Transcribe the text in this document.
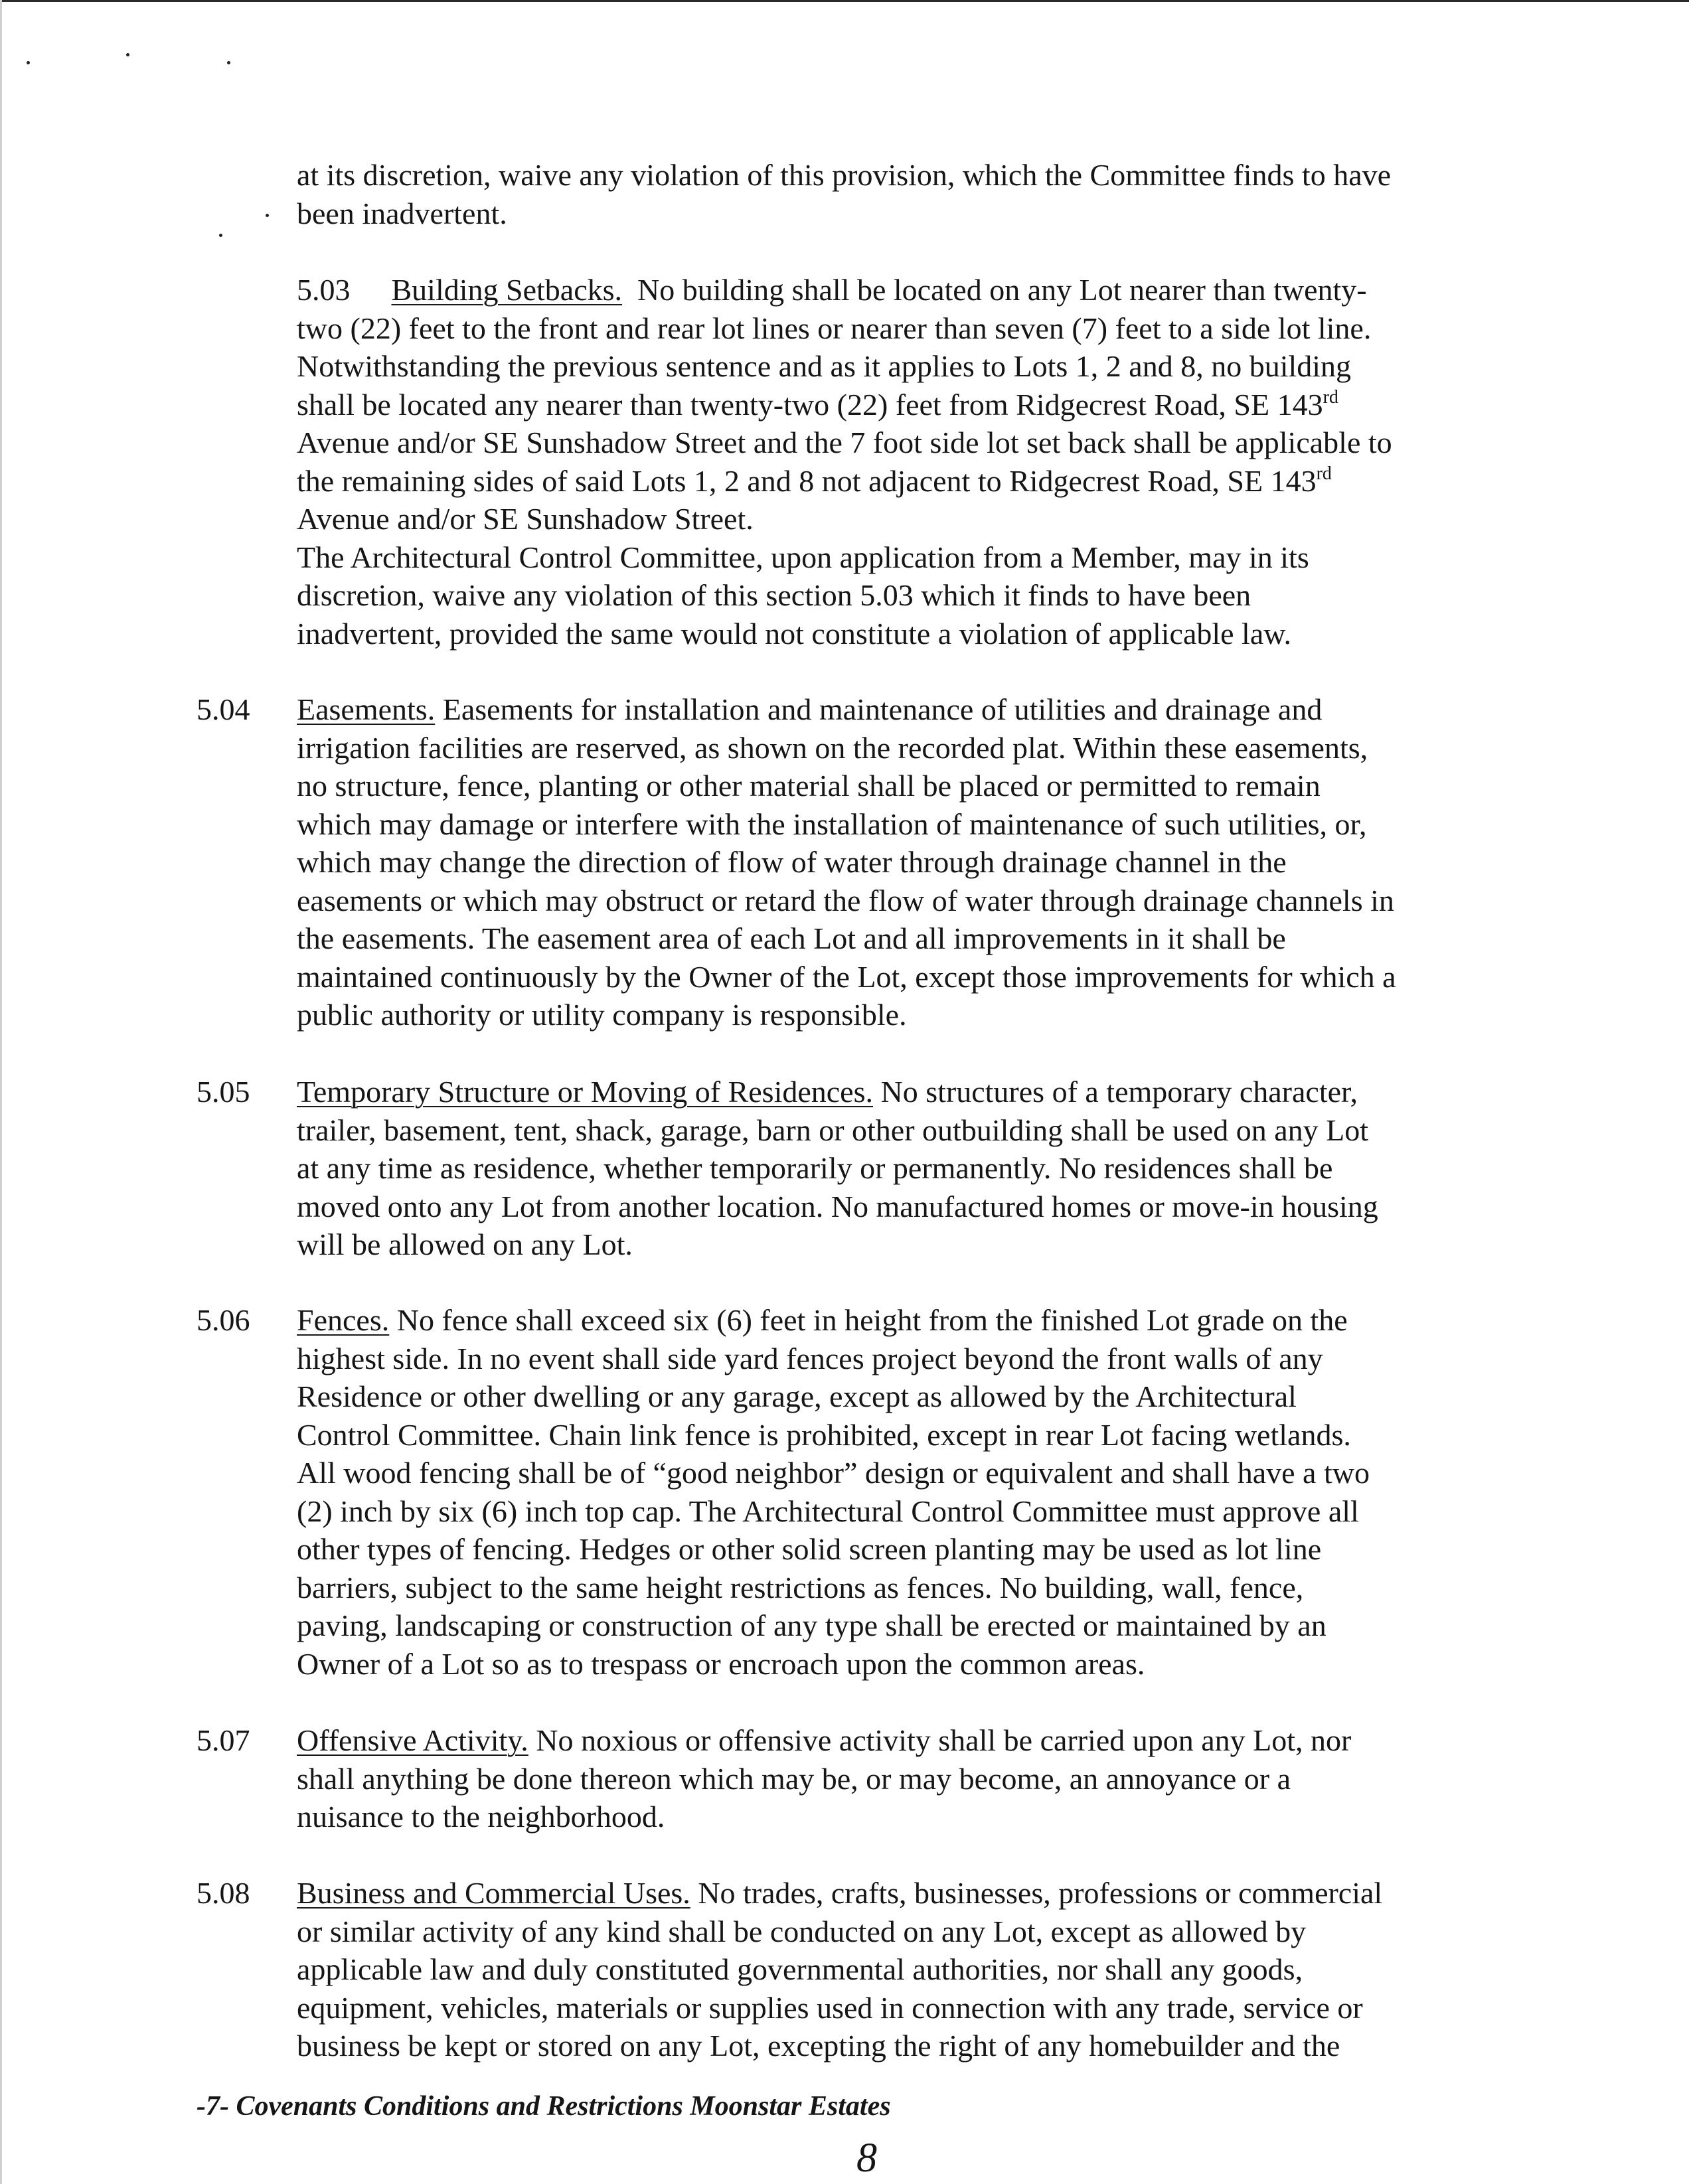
at its discretion, waive any violation of this provision, which the Committee finds to have
been inadvertent.
5.03 Building Setbacks. No building shall be located on any Lot nearer than twenty-
two (22) feet to the front and rear lot lines or nearer than seven (7) feet to a side lot line.
Notwithstanding the previous sentence and as it applies to Lots 1, 2 and 8, no building
shall be located any nearer than twenty-two (22) feet from Ridgecrest Road, SE 143rd
Avenue and/or SE Sunshadow Street and the 7 foot side lot set back shall be applicable to
the remaining sides of said Lots 1, 2 and 8 not adjacent to Ridgecrest Road, SE 143rd
Avenue and/or SE Sunshadow Street.
The Architectural Control Committee, upon application from a Member, may in its
discretion, waive any violation of this section 5.03 which it finds to have been
inadvertent, provided the same would not constitute a violation of applicable law.
5.04 Easements. Easements for installation and maintenance of utilities and drainage and
irrigation facilities are reserved, as shown on the recorded plat. Within these easements,
no structure, fence, planting or other material shall be placed or permitted to remain
which may damage or interfere with the installation of maintenance of such utilities, or,
which may change the direction of flow of water through drainage channel in the
easements or which may obstruct or retard the flow of water through drainage channels in
the easements. The easement area of each Lot and all improvements in it shall be
maintained continuously by the Owner of the Lot, except those improvements for which a
public authority or utility company is responsible.
5.05 Temporary Structure or Moving of Residences. No structures of a temporary character,
trailer, basement, tent, shack, garage, barn or other outbuilding shall be used on any Lot
at any time as residence, whether temporarily or permanently. No residences shall be
moved onto any Lot from another location. No manufactured homes or move-in housing
will be allowed on any Lot.
5.06 Fences. No fence shall exceed six (6) feet in height from the finished Lot grade on the
highest side. In no event shall side yard fences project beyond the front walls of any
Residence or other dwelling or any garage, except as allowed by the Architectural
Control Committee. Chain link fence is prohibited, except in rear Lot facing wetlands.
All wood fencing shall be of “good neighbor” design or equivalent and shall have a two
(2) inch by six (6) inch top cap. The Architectural Control Committee must approve all
other types of fencing. Hedges or other solid screen planting may be used as lot line
barriers, subject to the same height restrictions as fences. No building, wall, fence,
paving, landscaping or construction of any type shall be erected or maintained by an
Owner of a Lot so as to trespass or encroach upon the common areas.
5.07 Offensive Activity. No noxious or offensive activity shall be carried upon any Lot, nor
shall anything be done thereon which may be, or may become, an annoyance or a
nuisance to the neighborhood.
5.08 Business and Commercial Uses. No trades, crafts, businesses, professions or commercial
or similar activity of any kind shall be conducted on any Lot, except as allowed by
applicable law and duly constituted governmental authorities, nor shall any goods,
equipment, vehicles, materials or supplies used in connection with any trade, service or
business be kept or stored on any Lot, excepting the right of any homebuilder and the
-7- Covenants Conditions and Restrictions Moonstar Estates
8
